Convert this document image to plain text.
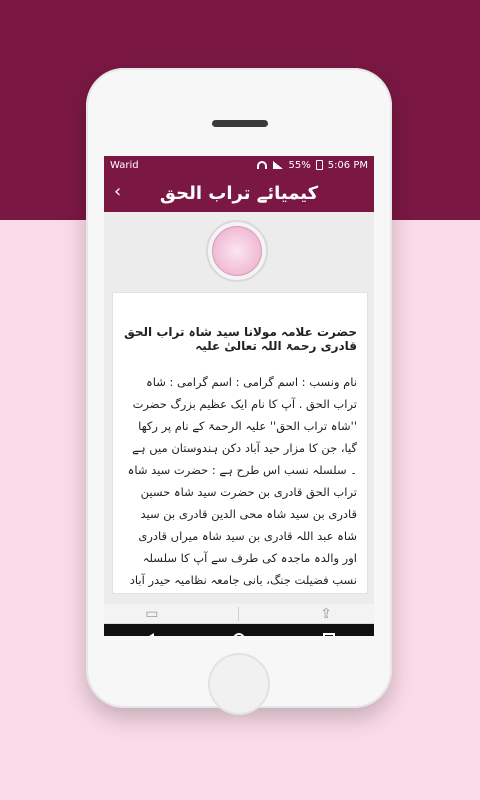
Warid	55% 5:06 PM
‹	کیمیائے تراب الحق
حضرت علامہ مولانا سید شاہ تراب الحق قادری رحمۃ اللہ تعالیٰ علیہ
نام ونسب : اسم گرامی : اسم گرامی : شاہ تراب الحق . آپ کا نام ایک عظیم بزرگ حضرت ''شاہ تراب الحق'' علیہ الرحمۃ کے نام پر رکھا گیا، جن کا مزار حید آباد دکن ہندوستان میں ہے ۔ سلسلہ نسب اس طرح ہے : حضرت سید شاہ تراب الحق قادری بن حضرت سید شاہ حسین قادری بن سید شاہ محی الدین قادری بن سید شاہ عبد اللہ قادری بن سید شاہ میراں قادری اور والدہ ماجدہ کی طرف سے آپ کا سلسلہ نسب فضیلت جنگ، بانی جامعہ نظامیہ حیدر آباد
▭	⇪
